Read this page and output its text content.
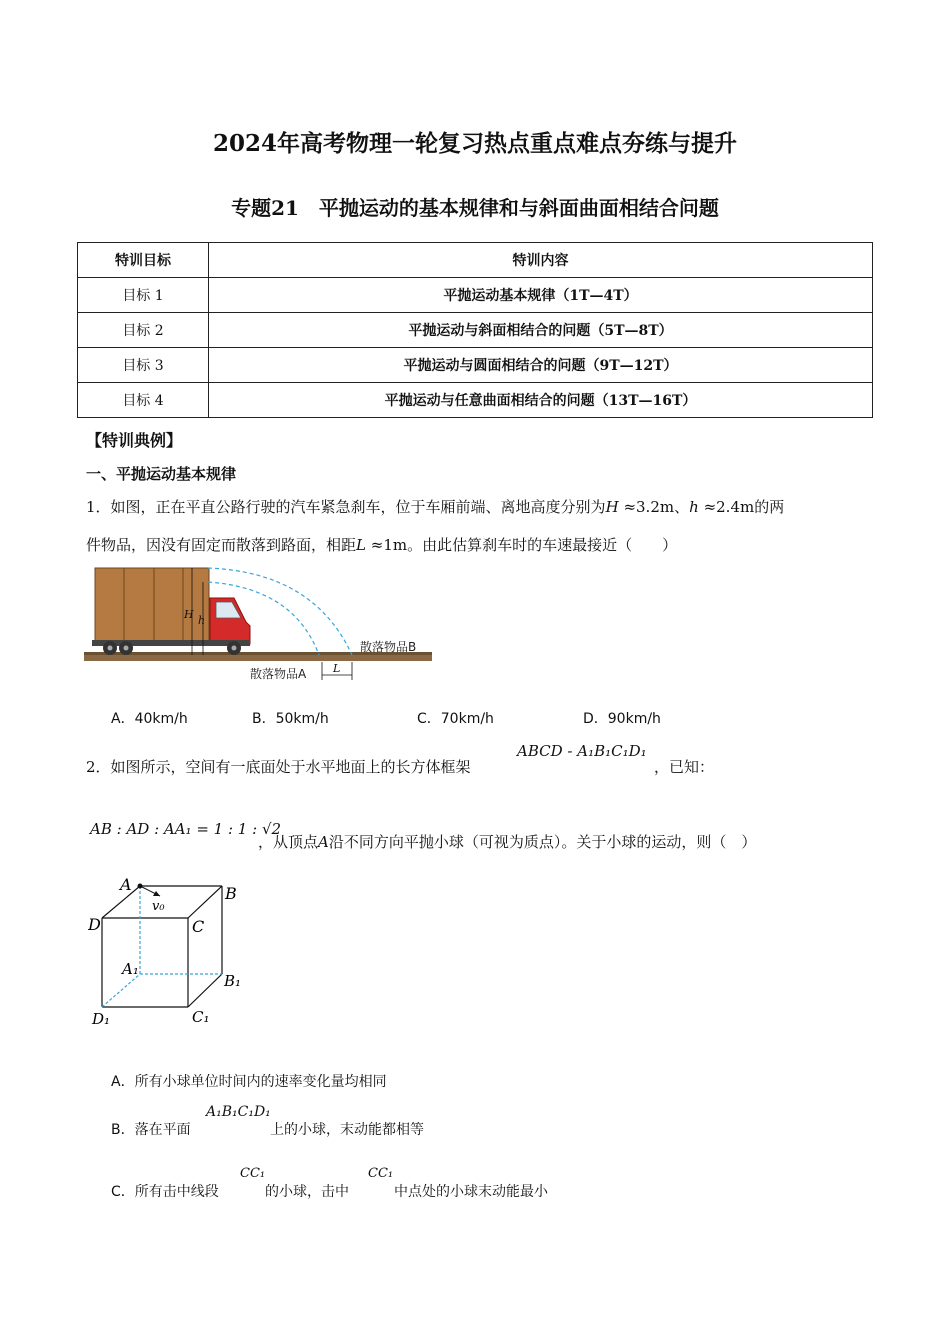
2024年高考物理一轮复习热点重点难点夯练与提升
专题21　平抛运动的基本规律和与斜面曲面相结合问题
特训目标	特训内容
目标 1	平抛运动基本规律（1T—4T）
目标 2	平抛运动与斜面相结合的问题（5T—8T）
目标 3	平抛运动与圆面相结合的问题（9T—12T）
目标 4	平抛运动与任意曲面相结合的问题（13T—16T）
【特训典例】
一、平抛运动基本规律
1．如图，正在平直公路行驶的汽车紧急刹车，位于车厢前端、离地高度分别为H ≈3.2m、h ≈2.4m的两
件物品，因没有固定而散落到路面，相距L ≈1m。由此估算刹车时的车速最接近（　　）
H h
L
散落物品A
散落物品B
A．40km/h	B．50km/h	C．70km/h	D．90km/h
2．如图所示，空间有一底面处于水平地面上的长方体框架
ABCD - A₁B₁C₁D₁
，已知：
AB : AD : AA₁ = 1 : 1 : √2
，从顶点A沿不同方向平抛小球（可视为质点）。关于小球的运动，则（　）
A	B
C
D
A₁
B₁
C₁
D₁
v₀
A．所有小球单位时间内的速率变化量均相同
B．落在平面
A₁B₁C₁D₁
上的小球，末动能都相等
C．所有击中线段
CC₁
的小球，击中
CC₁
中点处的小球末动能最小
